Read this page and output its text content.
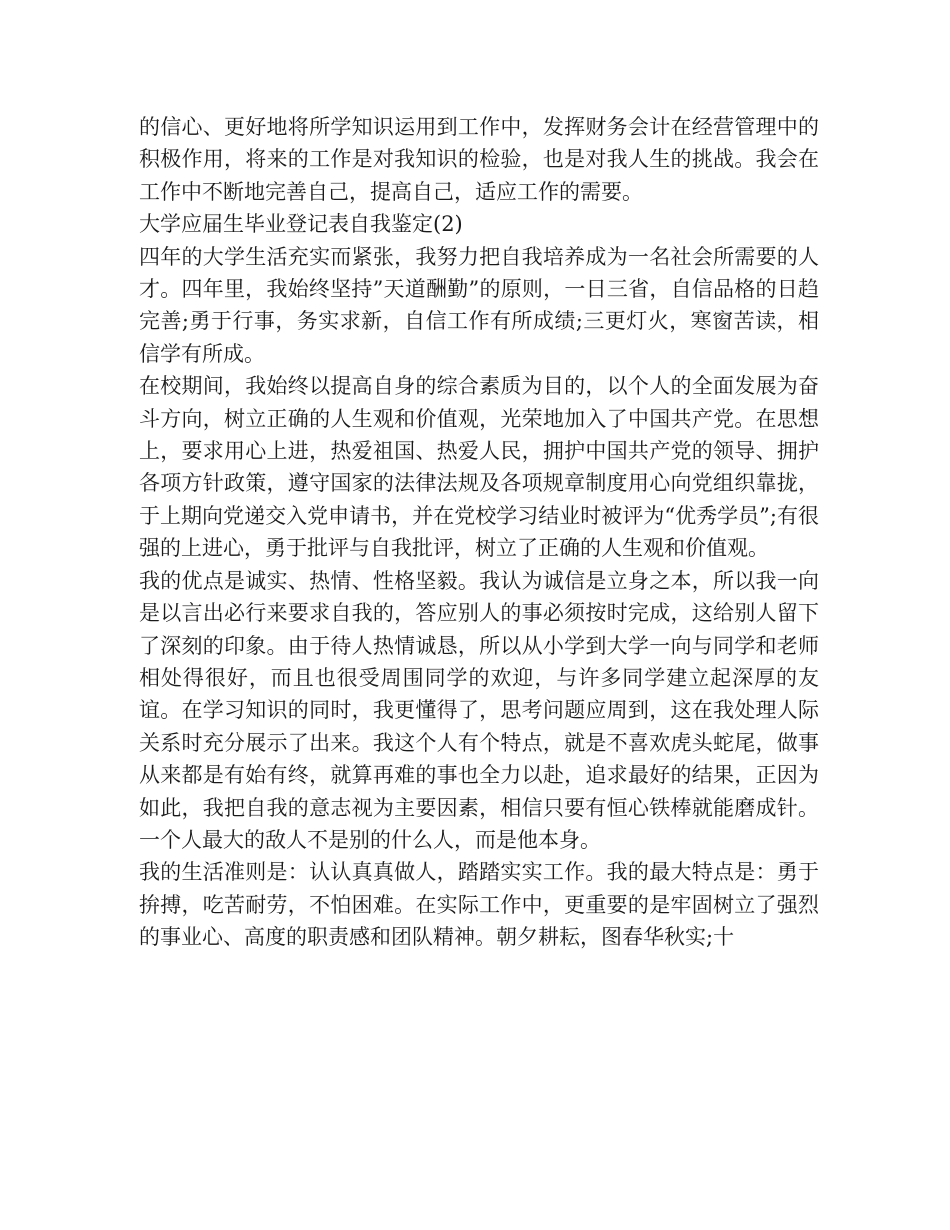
的信心、更好地将所学知识运用到工作中，发挥财务会计在经营管理中的积极作用，将来的工作是对我知识的检验，也是对我人生的挑战。我会在工作中不断地完善自己，提高自己，适应工作的需要。

大学应届生毕业登记表自我鉴定(2)

四年的大学生活充实而紧张，我努力把自我培养成为一名社会所需要的人才。四年里，我始终坚持”天道酬勤”的原则，一日三省，自信品格的日趋完善;勇于行事，务实求新，自信工作有所成绩;三更灯火，寒窗苦读，相信学有所成。

在校期间，我始终以提高自身的综合素质为目的，以个人的全面发展为奋斗方向，树立正确的人生观和价值观，光荣地加入了中国共产党。在思想上，要求用心上进，热爱祖国、热爱人民，拥护中国共产党的领导、拥护各项方针政策，遵守国家的法律法规及各项规章制度用心向党组织靠拢，于上期向党递交入党申请书，并在党校学习结业时被评为“优秀学员”;有很强的上进心，勇于批评与自我批评，树立了正确的人生观和价值观。

我的优点是诚实、热情、性格坚毅。我认为诚信是立身之本，所以我一向是以言出必行来要求自我的，答应别人的事必须按时完成，这给别人留下了深刻的印象。由于待人热情诚恳，所以从小学到大学一向与同学和老师相处得很好，而且也很受周围同学的欢迎，与许多同学建立起深厚的友谊。在学习知识的同时，我更懂得了，思考问题应周到，这在我处理人际关系时充分展示了出来。我这个人有个特点，就是不喜欢虎头蛇尾，做事从来都是有始有终，就算再难的事也全力以赴，追求最好的结果，正因为如此，我把自我的意志视为主要因素，相信只要有恒心铁棒就能磨成针。一个人最大的敌人不是别的什么人，而是他本身。

我的生活准则是：认认真真做人，踏踏实实工作。我的最大特点是：勇于拚搏，吃苦耐劳，不怕困难。在实际工作中，更重要的是牢固树立了强烈的事业心、高度的职责感和团队精神。朝夕耕耘，图春华秋实;十
